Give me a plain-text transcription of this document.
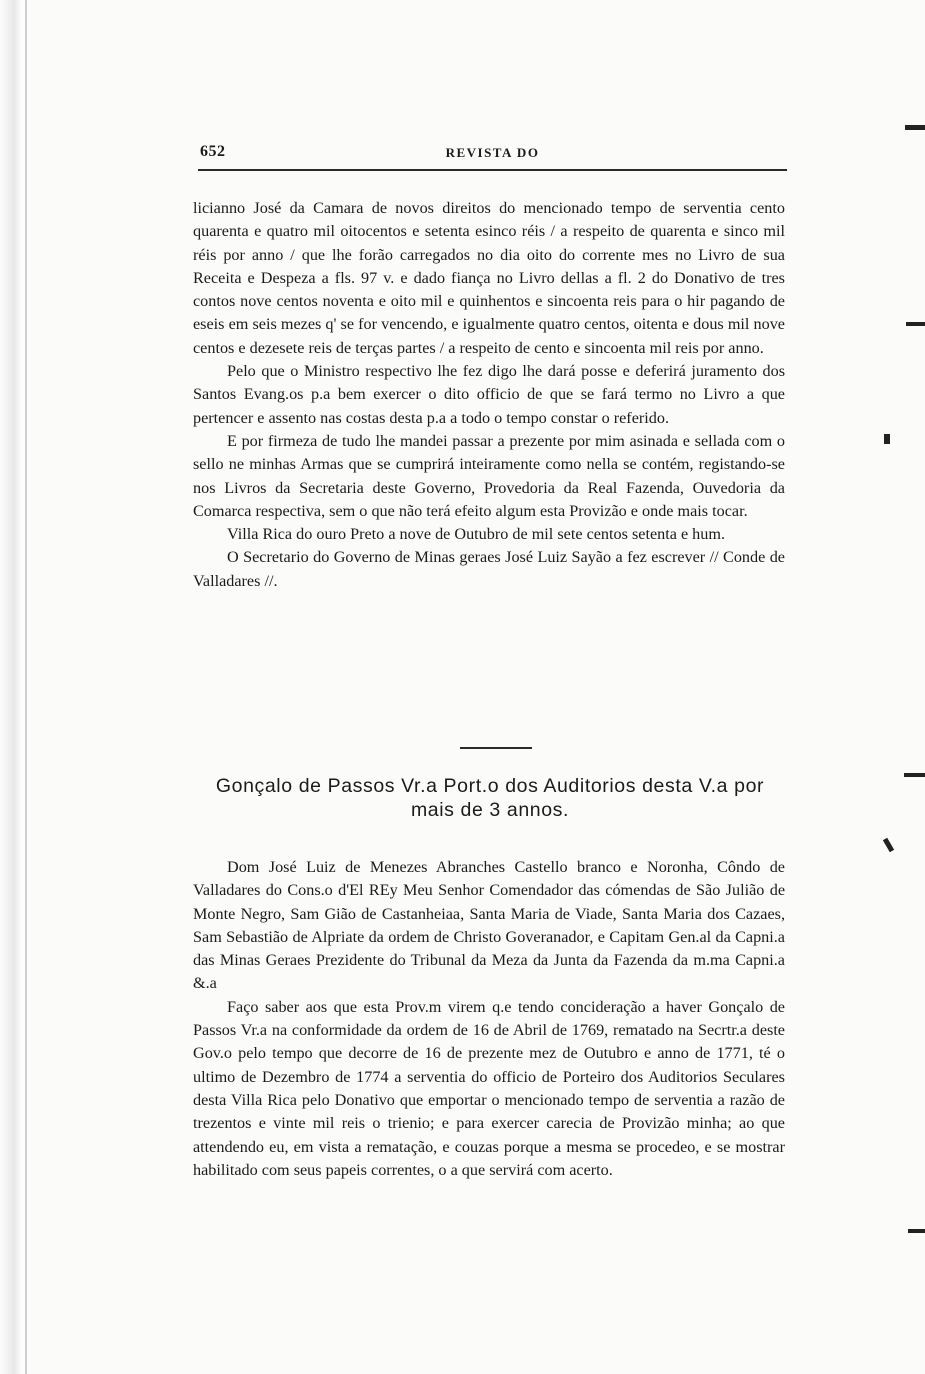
652	REVISTA DO

licianno José da Camara de novos direitos do mencionado tempo de serventia cento quarenta e quatro mil oitocentos e setenta esinco réis / a respeito de quarenta e sinco mil réis por anno / que lhe forão carregados no dia oito do corrente mes no Livro de sua Receita e Despeza a fls. 97 v. e dado fiança no Livro dellas a fl. 2 do Donativo de tres contos nove centos noventa e oito mil e quinhentos e sincoenta reis para o hir pagando de eseis em seis mezes q' se for vencendo, e igualmente quatro centos, oitenta e dous mil nove centos e dezesete reis de terças partes / a respeito de cento e sincoenta mil reis por anno.

Pelo que o Ministro respectivo lhe fez digo lhe dará posse e deferirá juramento dos Santos Evang.os p.a bem exercer o dito officio de que se fará termo no Livro a que pertencer e assento nas costas desta p.a a todo o tempo constar o referido.

E por firmeza de tudo lhe mandei passar a prezente por mim asinada e sellada com o sello ne minhas Armas que se cumprirá inteiramente como nella se contém, registando-se nos Livros da Secretaria deste Governo, Provedoria da Real Fazenda, Ouvedoria da Comarca respectiva, sem o que não terá efeito algum esta Provizão e onde mais tocar.

Villa Rica do ouro Preto a nove de Outubro de mil sete centos setenta e hum.

O Secretario do Governo de Minas geraes José Luiz Sayão a fez escrever // Conde de Valladares //.

Gonçalo de Passos Vr.a Port.o dos Auditorios desta V.a por mais de 3 annos.

Dom José Luiz de Menezes Abranches Castello branco e Noronha, Côndo de Valladares do Cons.o d'El REy Meu Senhor Comendador das cómendas de São Julião de Monte Negro, Sam Gião de Castanheiaa, Santa Maria de Viade, Santa Maria dos Cazaes, Sam Sebastião de Alpriate da ordem de Christo Goveranador, e Capitam Gen.al da Capni.a das Minas Geraes Prezidente do Tribunal da Meza da Junta da Fazenda da m.ma Capni.a &.a

Faço saber aos que esta Prov.m virem q.e tendo concideração a haver Gonçalo de Passos Vr.a na conformidade da ordem de 16 de Abril de 1769, rematado na Secrtr.a deste Gov.o pelo tempo que decorre de 16 de prezente mez de Outubro e anno de 1771, té o ultimo de Dezembro de 1774 a serventia do officio de Porteiro dos Auditorios Seculares desta Villa Rica pelo Donativo que emportar o mencionado tempo de serventia a razão de trezentos e vinte mil reis o trienio; e para exercer carecia de Provizão minha; ao que attendendo eu, em vista a rematação, e couzas porque a mesma se procedeo, e se mostrar habilitado com seus papeis correntes, o a que servirá com acerto.
